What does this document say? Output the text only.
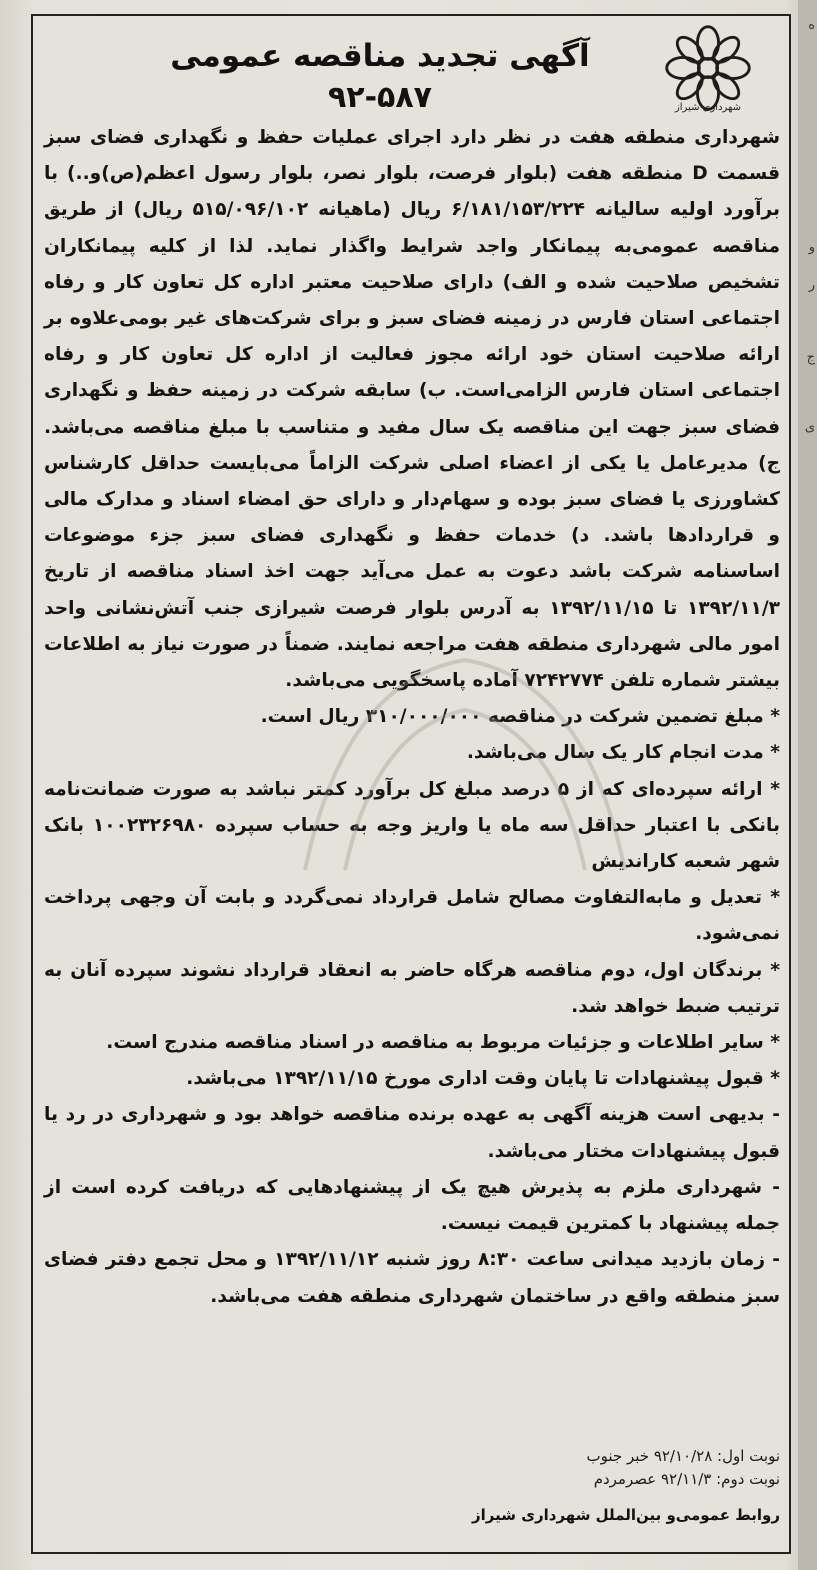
ه
و
ر
ج
ی
شهرداری شیراز
آگهی تجدید مناقصه عمومی
۹۲-۵۸۷

شهرداری منطقه هفت در نظر دارد اجرای عملیات حفظ و نگهداری فضای سبز قسمت D منطقه هفت (بلوار فرصت، بلوار نصر، بلوار رسول اعظم(ص)و..) با برآورد اولیه سالیانه ۶/۱۸۱/۱۵۳/۲۲۴ ریال (ماهیانه ۵۱۵/۰۹۶/۱۰۲ ریال) از طریق مناقصه عمومی‌به پیمانکار واجد شرایط واگذار نماید. لذا از کلیه پیمانکاران تشخیص صلاحیت شده و الف) دارای صلاحیت معتبر اداره کل تعاون کار و رفاه اجتماعی استان فارس در زمینه فضای سبز و برای شرکت‌های غیر بومی‌علاوه بر ارائه صلاحیت استان خود ارائه مجوز فعالیت از اداره کل تعاون کار و رفاه اجتماعی استان فارس الزامی‌است. ب) سابقه شرکت در زمینه حفظ و نگهداری فضای سبز جهت این مناقصه یک سال مفید و متناسب با مبلغ مناقصه می‌باشد. ج) مدیرعامل یا یکی از اعضاء اصلی شرکت الزاماً می‌بایست حداقل کارشناس کشاورزی یا فضای سبز بوده و سهام‌دار و دارای حق امضاء اسناد و مدارک مالی و قراردادها باشد. د) خدمات حفظ و نگهداری فضای سبز جزء موضوعات اساسنامه شرکت باشد دعوت به عمل می‌آید جهت اخذ اسناد مناقصه از تاریخ ۱۳۹۲/۱۱/۳ تا ۱۳۹۲/۱۱/۱۵ به آدرس بلوار فرصت شیرازی جنب آتش‌نشانی واحد امور مالی شهرداری منطقه هفت مراجعه نمایند. ضمناً در صورت نیاز به اطلاعات بیشتر شماره تلفن ۷۲۴۲۷۷۴ آماده پاسخگویی می‌باشد.

* مبلغ تضمین شرکت در مناقصه ۳۱۰/۰۰۰/۰۰۰ ریال است.

* مدت انجام کار یک سال می‌باشد.

* ارائه سپرده‌ای که از ۵ درصد مبلغ کل برآورد کمتر نباشد به صورت ضمانت‌نامه بانکی با اعتبار حداقل سه ماه یا واریز وجه به حساب سپرده ۱۰۰۲۳۲۶۹۸۰ بانک شهر شعبه کاراندیش

* تعدیل و مابه‌التفاوت مصالح شامل قرارداد نمی‌گردد و بابت آن وجهی پرداخت نمی‌شود.

* برندگان اول، دوم مناقصه هرگاه حاضر به انعقاد قرارداد نشوند سپرده آنان به ترتیب ضبط خواهد شد.

* سایر اطلاعات و جزئیات مربوط به مناقصه در اسناد مناقصه مندرج است.

* قبول پیشنهادات تا پایان وقت اداری مورخ ۱۳۹۲/۱۱/۱۵ می‌باشد.

- بدیهی است هزینه آگهی به عهده برنده مناقصه خواهد بود و شهرداری در رد یا قبول پیشنهادات مختار می‌باشد.

- شهرداری ملزم به پذیرش هیچ یک از پیشنهادهایی که دریافت کرده است از جمله پیشنهاد با کمترین قیمت نیست.

- زمان بازدید میدانی ساعت ۸:۳۰ روز شنبه ۱۳۹۲/۱۱/۱۲ و محل تجمع دفتر فضای سبز منطقه واقع در ساختمان شهرداری منطقه هفت می‌باشد.

نوبت اول: ۹۲/۱۰/۲۸ خبر جنوب
نوبت دوم: ۹۲/۱۱/۳ عصرمردم
روابط عمومی‌و بین‌الملل شهرداری شیراز
